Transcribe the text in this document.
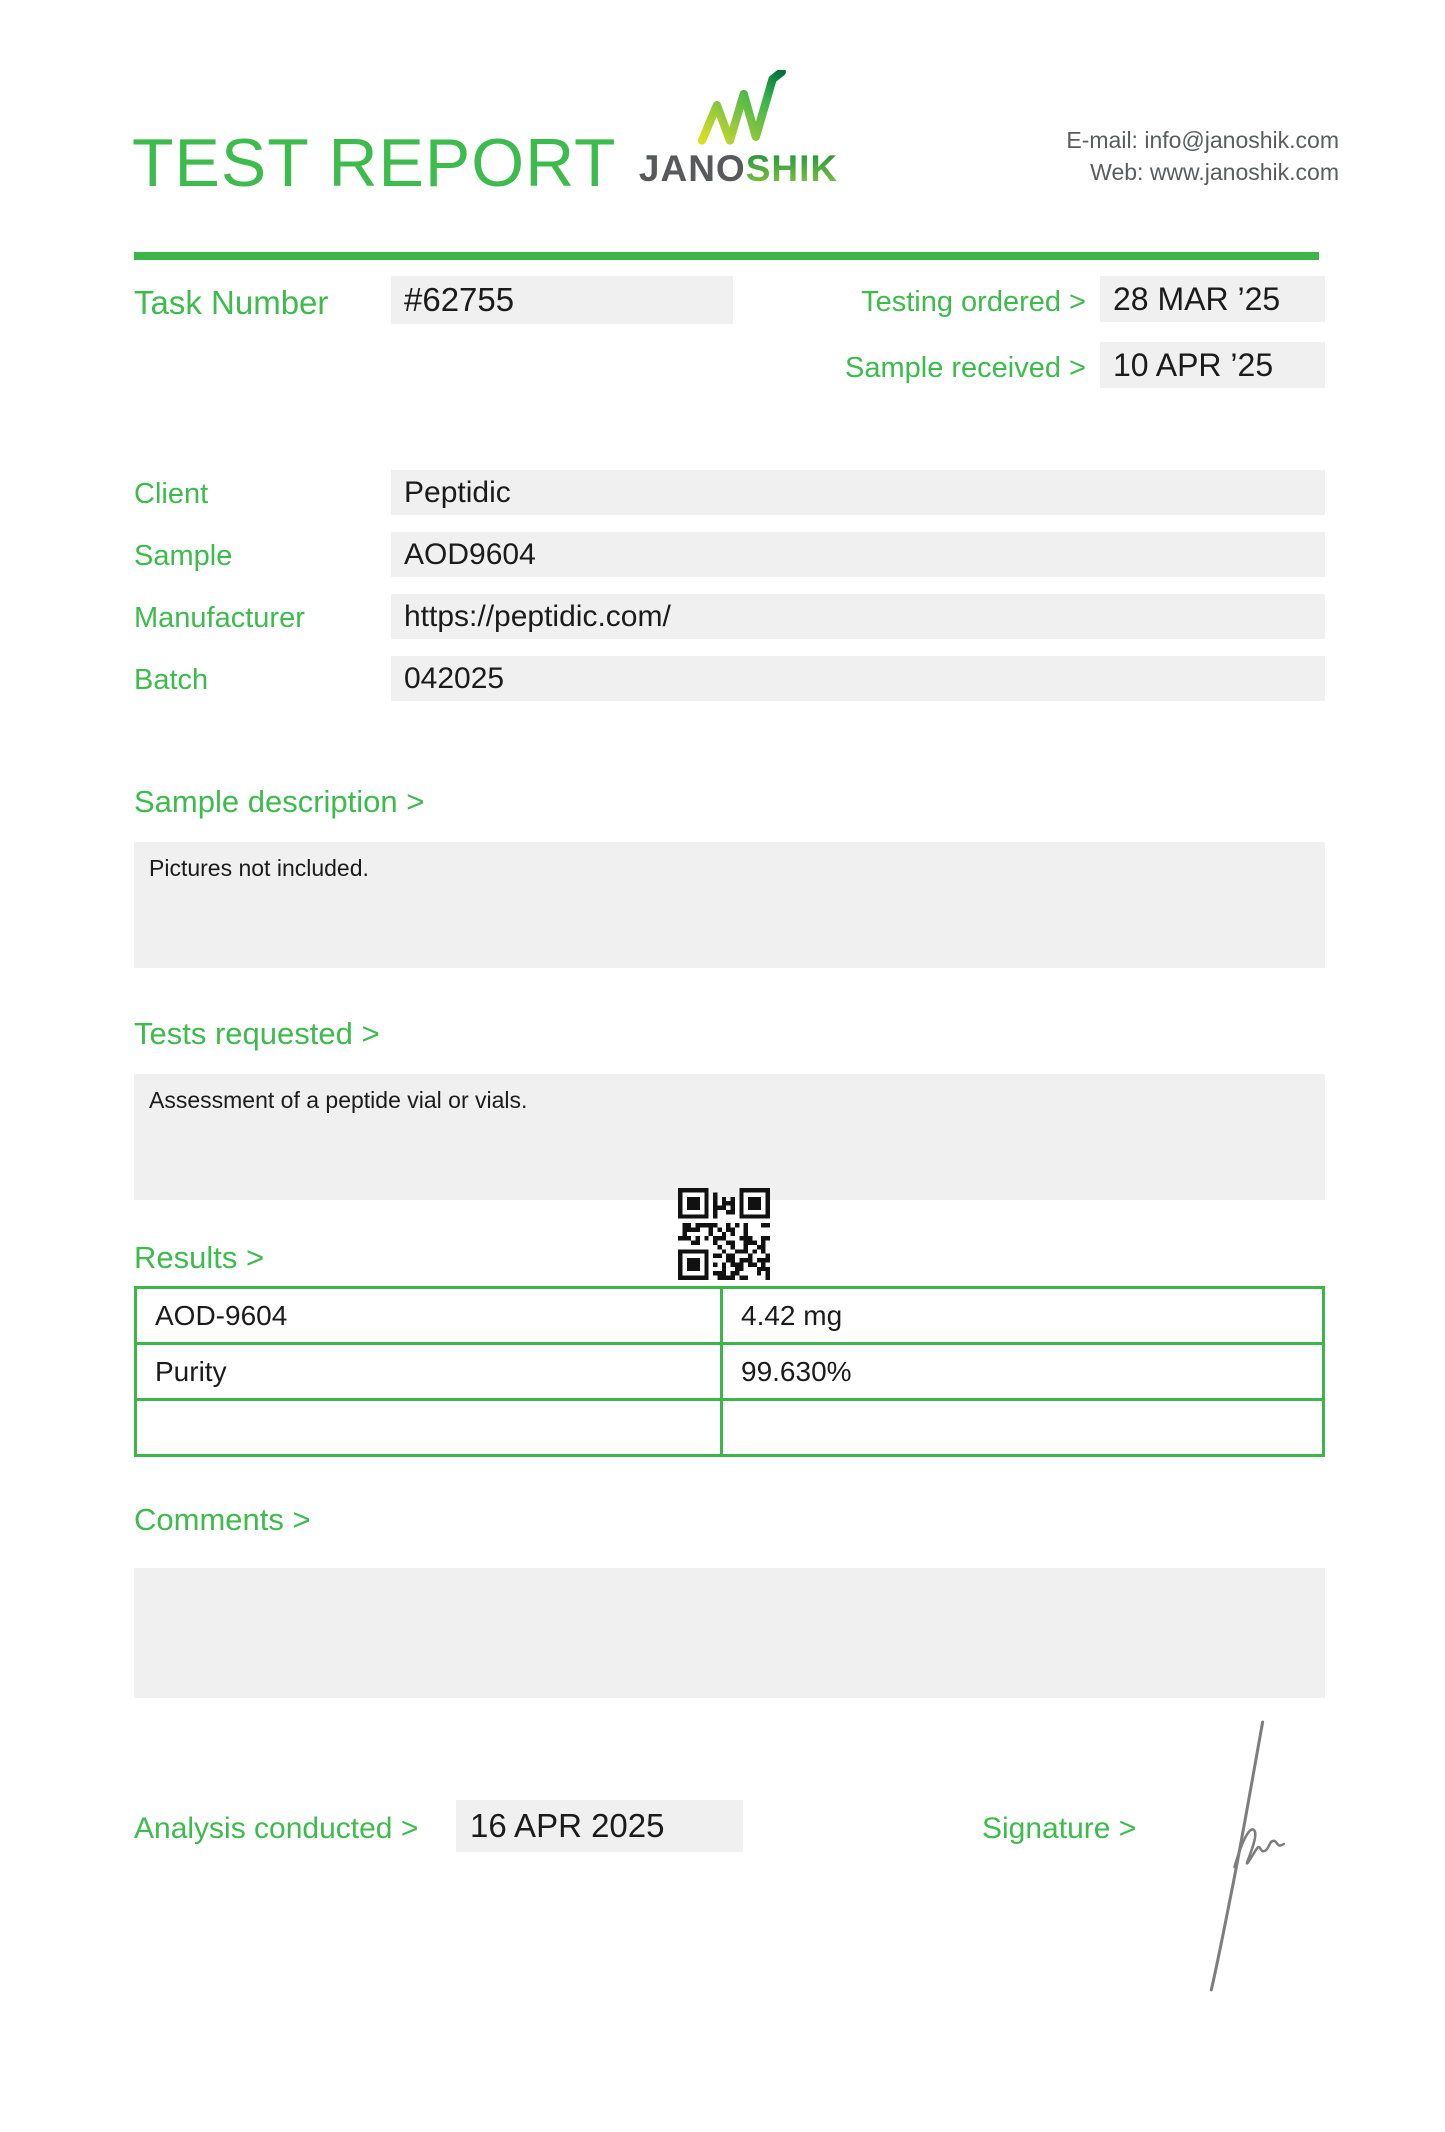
TEST REPORT JANOSHIK
E-mail: info@janoshik.com
Web: www.janoshik.com
Task Number	#62755	Testing ordered > 28 MAR ’25
Sample received > 10 APR ’25
Client	Peptidic
Sample	AOD9604
Manufacturer	https://peptidic.com/
Batch	042025
Sample description >
Pictures not included.
Tests requested >
Assessment of a peptide vial or vials.
Results >
AOD-9604	4.42 mg
Purity	99.630%
Comments >
Analysis conducted >	16 APR 2025	Signature >
